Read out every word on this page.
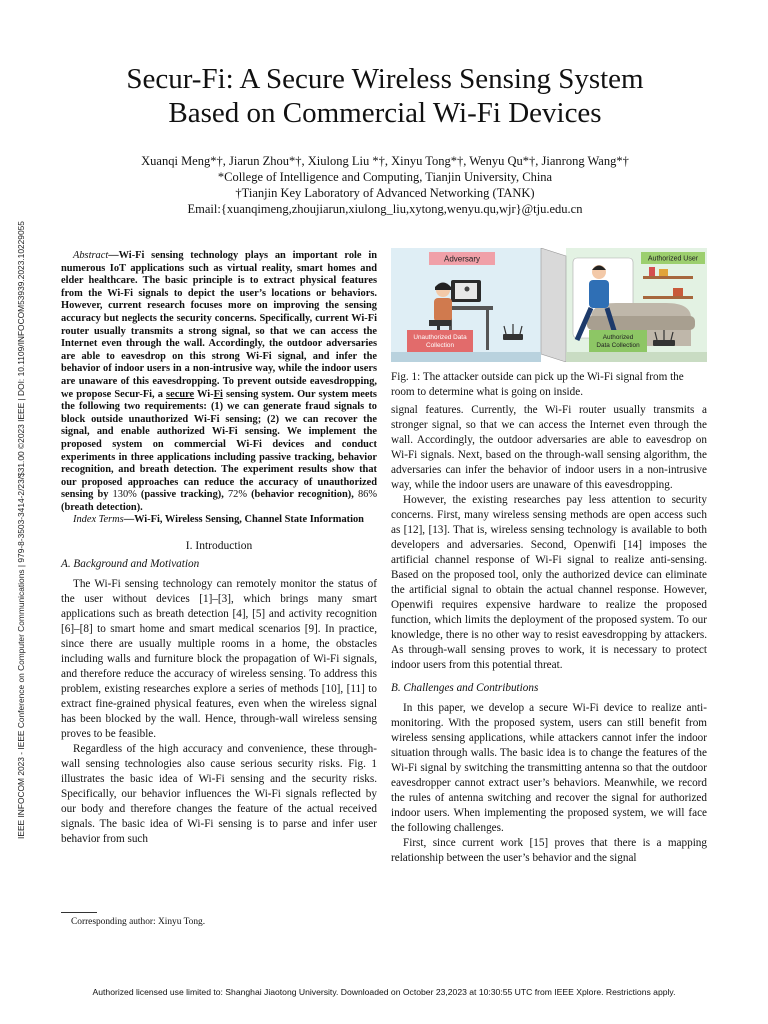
IEEE INFOCOM 2023 - IEEE Conference on Computer Communications | 979-8-3503-3414-2/23/$31.00 ©2023 IEEE | DOI: 10.1109/INFOCOM53939.2023.10229055
Secur-Fi: A Secure Wireless Sensing System
Based on Commercial Wi-Fi Devices
Xuanqi Meng*†, Jiarun Zhou*†, Xiulong Liu *†, Xinyu Tong*†, Wenyu Qu*†, Jianrong Wang*†
*College of Intelligence and Computing, Tianjin University, China
†Tianjin Key Laboratory of Advanced Networking (TANK)
Email:{xuanqimeng,zhoujiarun,xiulong_liu,xytong,wenyu.qu,wjr}@tju.edu.cn

Abstract—Wi-Fi sensing technology plays an important role in numerous IoT applications such as virtual reality, smart homes and elder healthcare. The basic principle is to extract physical features from the Wi-Fi signals to depict the user’s locations or behaviors. However, current research focuses more on improving the sensing accuracy but neglects the security concerns. Specifically, current Wi-Fi router usually transmits a strong signal, so that we can access the Internet even through the wall. Accordingly, the outdoor adversaries are able to eavesdrop on this strong Wi-Fi signal, and infer the behavior of indoor users in a non-intrusive way, while the indoor users are unaware of this eavesdropping. To prevent outside eavesdropping, we propose Secur-Fi, a secure Wi-Fi sensing system. Our system meets the following two requirements: (1) we can generate fraud signals to block outside unauthorized Wi-Fi sensing; (2) we can recover the signal, and enable authorized Wi-Fi sensing. We implement the proposed system on commercial Wi-Fi devices and conduct experiments in three applications including passive tracking, behavior recognition, and breath detection. The experiment results show that our proposed approaches can reduce the accuracy of unauthorized sensing by 130% (passive tracking), 72% (behavior recognition), 86% (breath detection).

Index Terms—Wi-Fi, Wireless Sensing, Channel State Information

I. Introduction
A. Background and Motivation

The Wi-Fi sensing technology can remotely monitor the status of the user without devices [1]–[3], which brings many smart applications such as breath detection [4], [5] and activity recognition [6]–[8] to smart home and smart medical scenarios [9]. In practice, since there are usually multiple rooms in a home, the obstacles including walls and furniture block the propagation of Wi-Fi signals, and therefore reduce the accuracy of wireless sensing. To address this problem, existing researches explore a series of methods [10], [11] to extract fine-grained physical features, even when the wireless signal has been blocked by the wall. Hence, through-wall wireless sensing proves to be feasible.

Regardless of the high accuracy and convenience, these through-wall sensing technologies also cause serious security risks. Fig. 1 illustrates the basic idea of Wi-Fi sensing and the security risks. Specifically, our behavior influences the Wi-Fi signals reflected by our body and therefore changes the feature of the actual received signals. The basic idea of Wi-Fi sensing is to parse and infer user behavior from such

Corresponding author: Xinyu Tong.
Adversary	Authorized User
Unauthorized Data Collection
Authorized Data Collection
Fig. 1: The attacker outside can pick up the Wi-Fi signal from the room to determine what is going on inside.

signal features. Currently, the Wi-Fi router usually transmits a stronger signal, so that we can access the Internet even through the wall. Accordingly, the outdoor adversaries are able to eavesdrop on Wi-Fi signals. Next, based on the through-wall sensing algorithm, the adversaries can infer the behavior of indoor users in a non-intrusive way, while the indoor users are unaware of this eavesdropping.

However, the existing researches pay less attention to security concerns. First, many wireless sensing methods are open access such as [12], [13]. That is, wireless sensing technology is available to both developers and adversaries. Second, Openwifi [14] imposes the artificial channel response of Wi-Fi signal to realize anti-sensing. Based on the proposed tool, only the authorized device can eliminate the artificial signal to obtain the actual channel response. However, Openwifi requires expensive hardware to realize the proposed function, which limits the deployment of the proposed system. To our knowledge, there is no other way to resist eavesdropping by attackers. As through-wall sensing proves to work, it is necessary to protect indoor users from this potential threat.

B. Challenges and Contributions

In this paper, we develop a secure Wi-Fi device to realize anti-monitoring. With the proposed system, users can still benefit from wireless sensing applications, while attackers cannot infer the indoor situation through walls. The basic idea is to change the features of the Wi-Fi signal by switching the transmitting antenna so that the outdoor eavesdropper cannot extract user’s behaviors. Meanwhile, we record the rules of antenna switching and recover the signal for authorized indoor users. When implementing the proposed system, we will face the following challenges.

First, since current work [15] proves that there is a mapping relationship between the user’s behavior and the signal

Authorized licensed use limited to: Shanghai Jiaotong University. Downloaded on October 23,2023 at 10:30:55 UTC from IEEE Xplore. Restrictions apply.
